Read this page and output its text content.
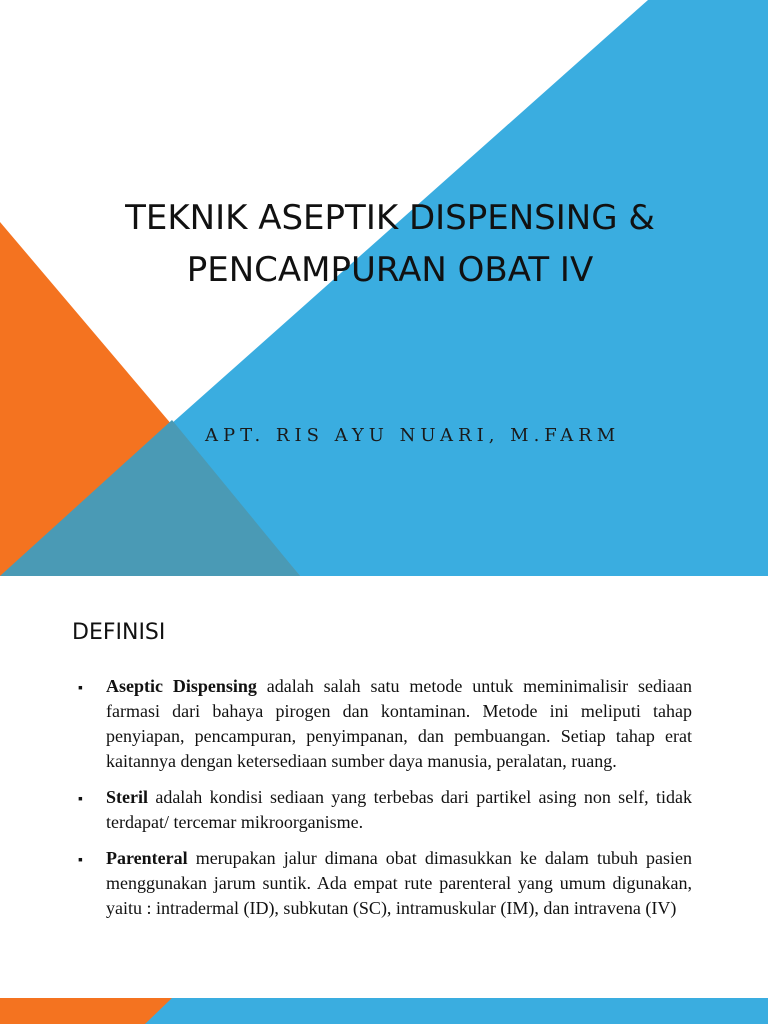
TEKNIK ASEPTIK DISPENSING &
PENCAMPURAN OBAT IV

APT. RIS AYU NUARI, M.FARM

DEFINISI
▪	Aseptic Dispensing adalah salah satu metode untuk meminimalisir sediaan farmasi dari bahaya pirogen dan kontaminan. Metode ini meliputi tahap penyiapan, pencampuran, penyimpanan, dan pembuangan. Setiap tahap erat kaitannya dengan ketersediaan sumber daya manusia, peralatan, ruang.
▪	Steril adalah kondisi sediaan yang terbebas dari partikel asing non self, tidak terdapat/ tercemar mikroorganisme.
▪	Parenteral merupakan jalur dimana obat dimasukkan ke dalam tubuh pasien menggunakan jarum suntik. Ada empat rute parenteral yang umum digunakan, yaitu : intradermal (ID), subkutan (SC), intramuskular (IM), dan intravena (IV)
